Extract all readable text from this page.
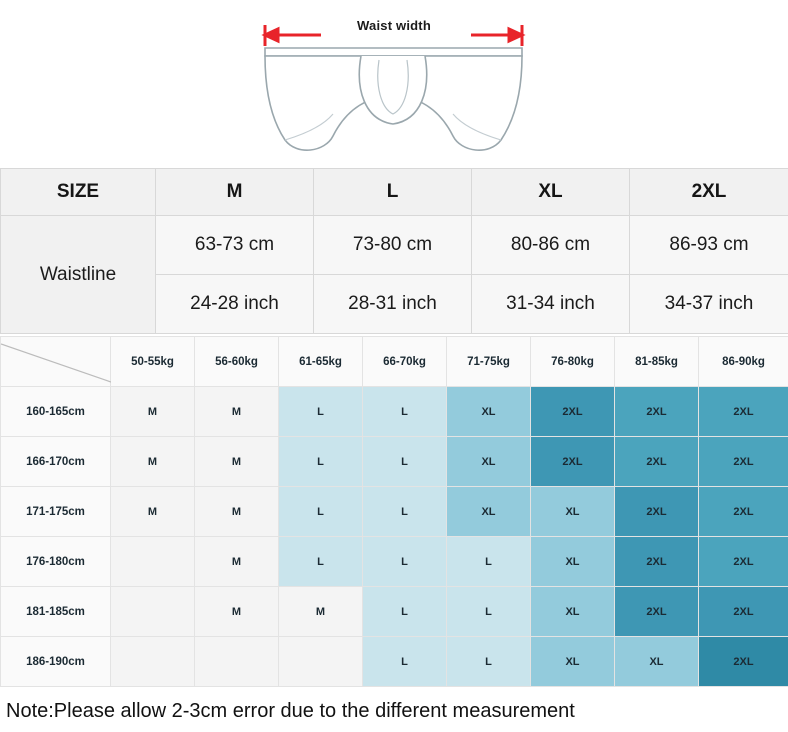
Waist width
SIZE	M	L	XL	2XL
Waistline	63-73 cm	73-80 cm	80-86 cm	86-93 cm
	24-28 inch	28-31 inch	31-34 inch	34-37 inch
	50-55kg	56-60kg	61-65kg	66-70kg	71-75kg	76-80kg	81-85kg	86-90kg
160-165cm	M	M	L	L	XL	2XL	2XL	2XL
166-170cm	M	M	L	L	XL	2XL	2XL	2XL
171-175cm	M	M	L	L	XL	XL	2XL	2XL
176-180cm		M	L	L	L	XL	2XL	2XL
181-185cm		M	M	L	L	XL	2XL	2XL
186-190cm				L	L	XL	XL	2XL
Note:Please allow 2-3cm error due to the different measurement
